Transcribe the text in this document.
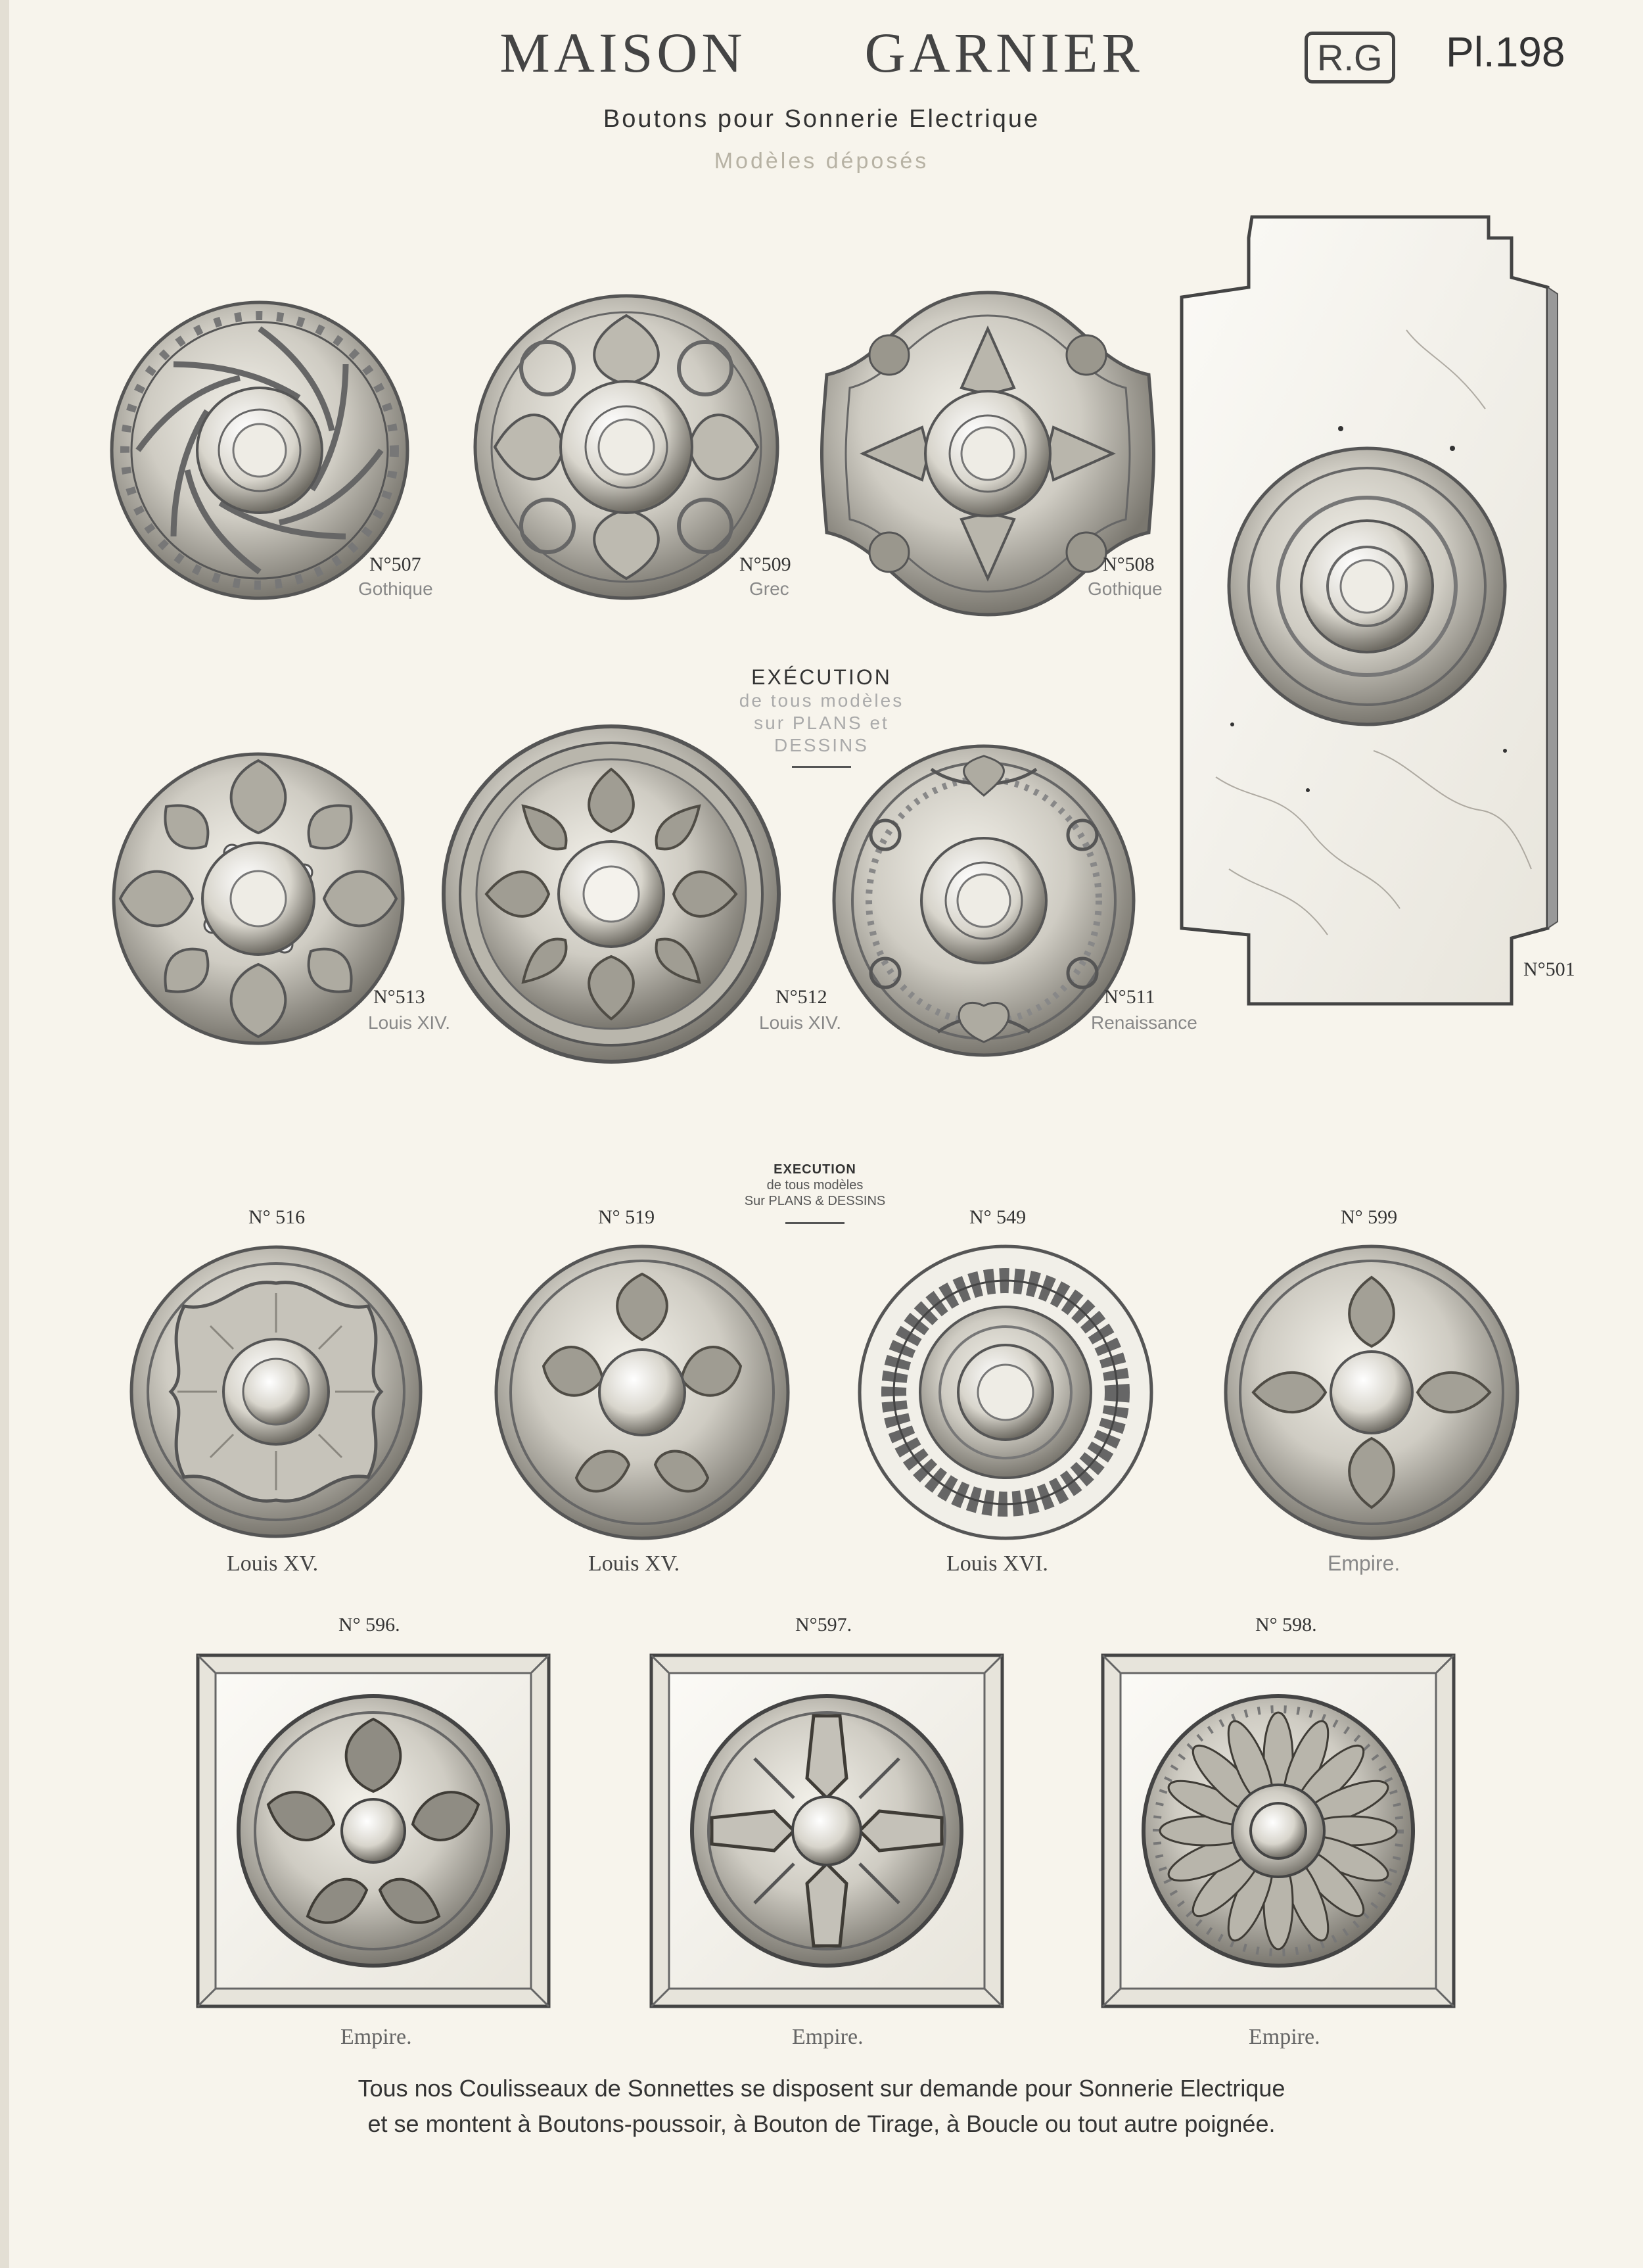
MAISON GARNIER	R.G Pl.198
Boutons pour Sonnerie Electrique
Modèles déposés
N°507
Gothique
N°509
Grec
N°508
Gothique
N°501
EXÉCUTION
de tous modèles
sur PLANS et
DESSINS
N°513
Louis XIV.
N°512
Louis XIV.
N°511
Renaissance
EXECUTION
de tous modèles
Sur PLANS & DESSINS
N° 516	N° 519	N° 549	N° 599
Louis XV.	Louis XV.	Louis XVI.	Empire.
N° 596.	N°597.	N° 598.
Empire.	Empire.	Empire.
Tous nos Coulisseaux de Sonnettes se disposent sur demande pour Sonnerie Electrique
et se montent à Boutons-poussoir, à Bouton de Tirage, à Boucle ou tout autre poignée.
